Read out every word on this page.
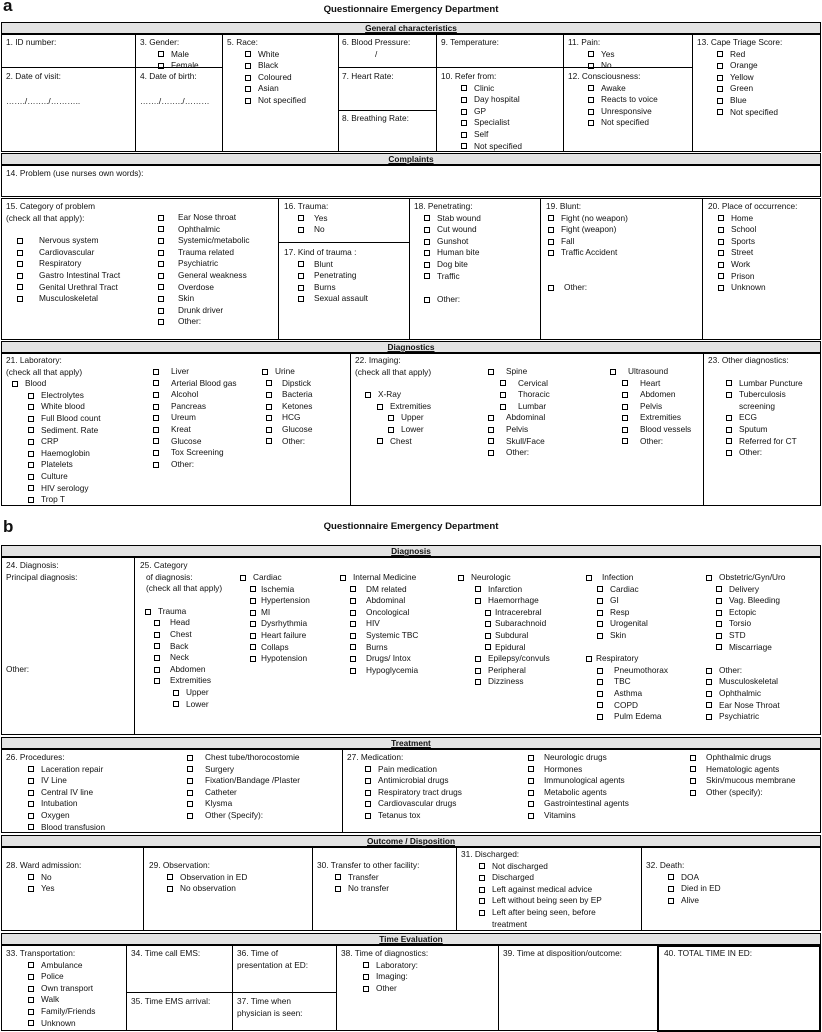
a	Questionnaire Emergency Department
General characteristics
1. ID number:
2. Date of visit:
……./……../………..
3. Gender:
Male
Female
4. Date of birth:
……./……../………
5. Race:
White
Black
Coloured
Asian
Not specified
6. Blood Pressure:
/
7. Heart Rate:
8. Breathing Rate:
9. Temperature:
10. Refer from:
Clinic
Day hospital
GP
Specialist
Self
Not specified
11. Pain:
Yes
No
12. Consciousness:
Awake
Reacts to voice
Unresponsive
Not specified
13. Cape Triage Score:
Red
Orange
Yellow
Green
Blue
Not specified
Complaints
14. Problem (use nurses own words):
15. Category of problem
(check all that apply):
Nervous system
Cardiovascular
Respiratory
Gastro Intestinal Tract
Genital Urethral Tract
Musculoskeletal
Ear Nose throat
Ophthalmic
Systemic/metabolic
Trauma related
Psychiatric
General weakness
Overdose
Skin
Drunk driver
Other:
16. Trauma:
Yes
No
17. Kind of trauma :
Blunt
Penetrating
Burns
Sexual assault
18. Penetrating:
Stab wound
Cut wound
Gunshot
Human bite
Dog bite
Traffic
Other:
19. Blunt:
Fight (no weapon)
Fight (weapon)
Fall
Traffic Accident
Other:
20. Place of occurrence:
Home
School
Sports
Street
Work
Prison
Unknown
Diagnostics
21. Laboratory:
(check all that apply)
Blood
Electrolytes
White blood
Full Blood count
Sediment. Rate
CRP
Haemoglobin
Platelets
Culture
HIV serology
Trop T
Liver
Arterial Blood gas
Alcohol
Pancreas
Ureum
Kreat
Glucose
Tox Screening
Other:
Urine
Dipstick
Bacteria
Ketones
HCG
Glucose
Other:
22. Imaging:
(check all that apply)
X-Ray
Extremities
Upper
Lower
Chest
Spine
Cervical
Thoracic
Lumbar
Abdominal
Pelvis
Skull/Face
Other:
Ultrasound
Heart
Abdomen
Pelvis
Extremities
Blood vessels
Other:
23. Other diagnostics:
Lumbar Puncture
Tuberculosis
screening
ECG
Sputum
Referred for CT
Other:
b	Questionnaire Emergency Department
Diagnosis
24. Diagnosis:
Principal diagnosis:
Other:
25. Category
of diagnosis:
(check all that apply)
Trauma
Head
Chest
Back
Neck
Abdomen
Extremities
Upper
Lower
Cardiac
Ischemia
Hypertension
MI
Dysrhythmia
Heart failure
Collaps
Hypotension
Internal Medicine
DM related
Abdominal
Oncological
HIV
Systemic TBC
Burns
Drugs/ Intox
Hypoglycemia
Neurologic
Infarction
Haemorrhage
Intracerebral
Subarachnoid
Subdural
Epidural
Epilepsy/convuls
Peripheral
Dizziness
Infection
Cardiac
GI
Resp
Urogenital
Skin
Respiratory
Pneumothorax
TBC
Asthma
COPD
Pulm Edema
Obstetric/Gyn/Uro
Delivery
Vag. Bleeding
Ectopic
Torsio
STD
Miscarriage
Other:
Musculoskeletal
Ophthalmic
Ear Nose Throat
Psychiatric
Treatment
26. Procedures:
Laceration repair
IV Line
Central IV line
Intubation
Oxygen
Blood transfusion
Chest tube/thorocostomie
Surgery
Fixation/Bandage /Plaster
Catheter
Klysma
Other (Specify):
27. Medication:
Pain medication
Antimicrobial drugs
Respiratory tract drugs
Cardiovascular drugs
Tetanus tox
Neurologic drugs
Hormones
Immunological agents
Metabolic agents
Gastrointestinal agents
Vitamins
Ophthalmic drugs
Hematologic agents
Skin/mucous membrane
Other (specify):
Outcome / Disposition
28. Ward admission:
No
Yes
29. Observation:
Observation in ED
No observation
30. Transfer to other facility:
Transfer
No transfer
31. Discharged:
Not discharged
Discharged
Left against medical advice
Left without being seen by EP
Left after being seen, before
treatment
32. Death:
DOA
Died in ED
Alive
Time Evaluation
33. Transportation:
Ambulance
Police
Own transport
Walk
Family/Friends
Unknown
34. Time call EMS:
35. Time EMS arrival:
36. Time of
presentation at ED:
37. Time when
physician is seen:
38. Time of diagnostics:
Laboratory:
Imaging:
Other
39. Time at disposition/outcome:	40. TOTAL TIME IN ED:
